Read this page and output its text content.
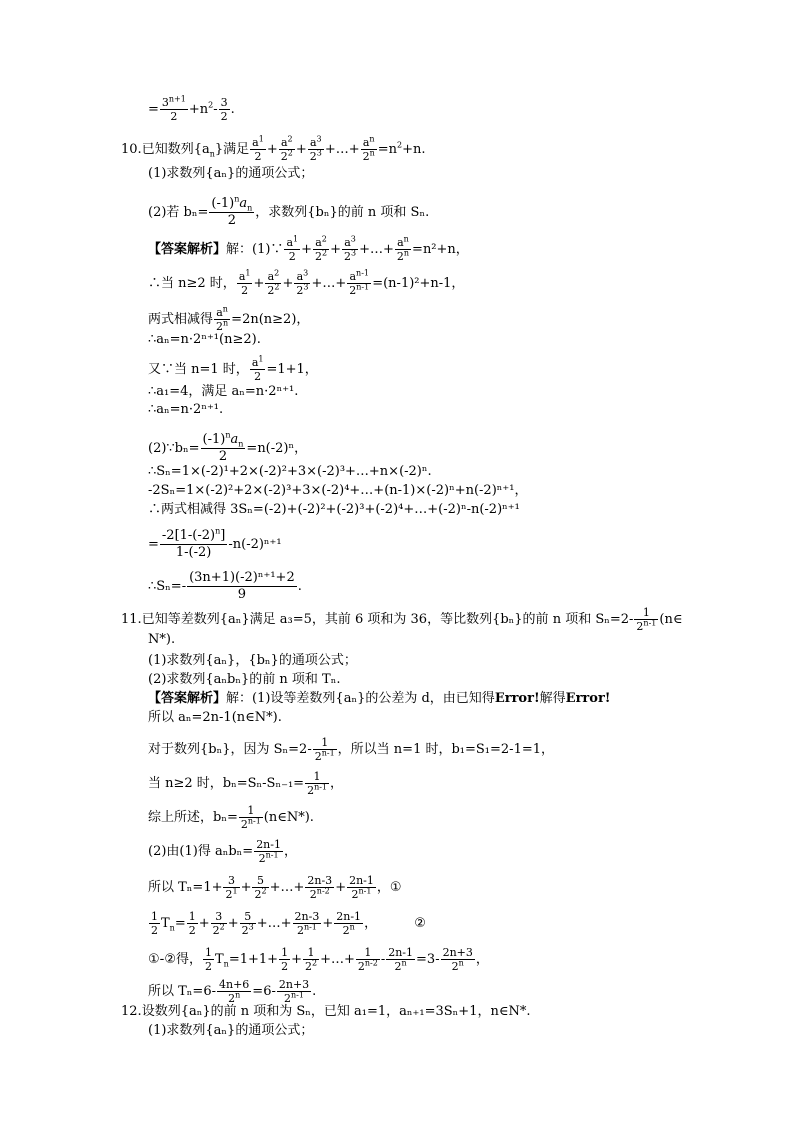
= $\frac{3^{n+1}}{2} +n^2- \frac{3}{2}$ .
10.已知数列$\{a_n\}$满足 $\frac{a^1}{2} + \frac{a^2}{2^2} + \frac{a^3}{2^3}$ +…+ $\frac{a^n}{2^n} =n^2+n$.
(1)求数列{aₙ}的通项公式；
(2)若 $b_n= \frac{(-1)^na_n}{2}$ ，求数列{bₙ}的前 n 项和 Sₙ.
【答案解析】解：(1)∵ $\frac{a^1}{2} + \frac{a^2}{2^2} + \frac{a^3}{2^3}$ +…+ $\frac{a^n}{2^n} =n^2+n$，
∴当 n≥2 时， $\frac{a^1}{2} + \frac{a^2}{2^2} + \frac{a^3}{2^3}$ +…+ $\frac{a^{n-1}}{2^{n-1}} =(n-1)^2+n-1$，
两式相减得 $\frac{a^n}{2^n} =2n(n\ge 2)$，
∴aₙ=n·2ⁿ⁺¹(n≥2).
又∵当 n=1 时， $\frac{a^1}{2} =1+1$，
∴a₁=4，满足 aₙ=n·2ⁿ⁺¹.
∴aₙ=n·2ⁿ⁺¹.
(2)∵bₙ= $\frac{(-1)^na_n}{2} =n(-2)^n$，
∴Sₙ=1×(-2)¹+2×(-2)²+3×(-2)³+…+n×(-2)ⁿ.
-2Sₙ=1×(-2)²+2×(-2)³+3×(-2)⁴+…+(n-1)×(-2)ⁿ+n(-2)ⁿ⁺¹，
∴两式相减得 3Sₙ=(-2)+(-2)²+(-2)³+(-2)⁴+…+(-2)ⁿ-n(-2)ⁿ⁺¹
= $\frac{-2[1-(-2)^n]}{1-(-2)} -n(-2)^{n+1}$
∴Sₙ=- $\frac{\text{(3n+1)(-2)ⁿ⁺¹+2}}{9}$ .
11.已知等差数列{aₙ}满足 a₃=5，其前 6 项和为 36，等比数列{bₙ}的前 n 项和 $S_n=2- \frac{1}{2^{n-1}}$ (n∈
N*).
(1)求数列{aₙ}，{bₙ}的通项公式；
(2)求数列{aₙbₙ}的前 n 项和 Tₙ.
【答案解析】解：(1)设等差数列{aₙ}的公差为 d，由已知得Error!解得Error!
所以 aₙ=2n-1(n∈N*).
对于数列{bₙ}，因为 $S_n=2- \frac{1}{2^{n-1}}$ ，所以当 n=1 时，b₁=S₁=2-1=1，
当 n≥2 时，$b_n=S_n-S_{n-1}= \frac{1}{2^{n-1}}$ ，
综上所述，$b_n= \frac{1}{2^{n-1}}$ (n∈N*).
(2)由(1)得 $a_nb_n= \frac{2n-1}{2^{n-1}}$ ，
所以 $T_n=1+ \frac{3}{2^1} + \frac{5}{2^2}$ +…+ $\frac{2n-3}{2^{n-2}} + \frac{2n-1}{2^{n-1}}$ ，①
$\frac{1}{2} T_n= \frac{1}{2} + \frac{3}{2^2} + \frac{5}{2^3}$ +…+ $\frac{2n-3}{2^{n-1}} + \frac{2n-1}{2^n}$ ，	②
①-②得， $\frac{1}{2} T_n=1+1+ \frac{1}{2} + \frac{1}{2^2}$ +…+ $\frac{1}{2^{n-2}} - \frac{2n-1}{2^n} =3- \frac{2n+3}{2^n}$ ，
所以 $T_n=6- \frac{4n+6}{2^n} =6- \frac{2n+3}{2^{n-1}}$ .
12.设数列{aₙ}的前 n 项和为 Sₙ，已知 a₁=1，aₙ₊₁=3Sₙ+1，n∈N*.
(1)求数列{aₙ}的通项公式；
